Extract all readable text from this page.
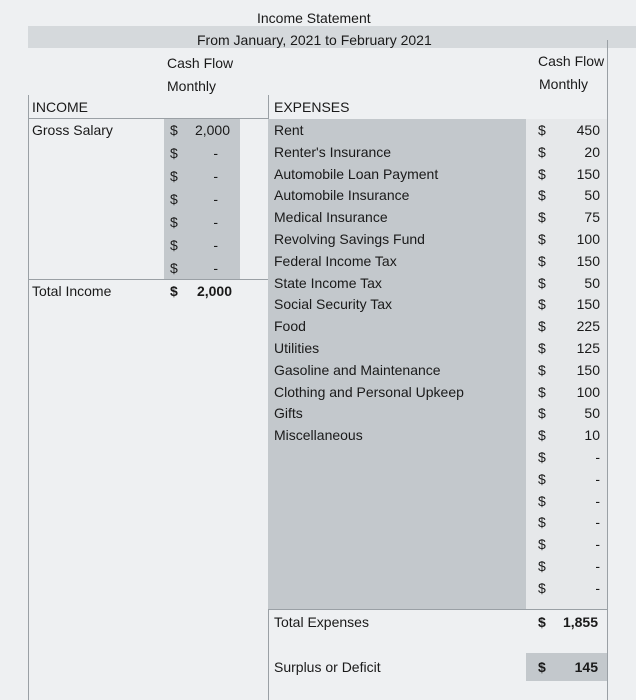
Income Statement
From January, 2021 to February 2021
Cash Flow
Monthly
Cash Flow
Monthly
INCOME	EXPENSES
Gross Salary	$	2,000
$	-
$	-
$	-
$	-
$	-
$	-
Total Income	$	2,000
Total Expenses	$	1,855
Surplus or Deficit	$	145
Rent	$	450
Renter's Insurance	$	20
Automobile Loan Payment	$	150
Automobile Insurance	$	50
Medical Insurance	$	75
Revolving Savings Fund	$	100
Federal Income Tax	$	150
State Income Tax	$	50
Social Security Tax	$	150
Food	$	225
Utilities	$	125
Gasoline and Maintenance	$	150
Clothing and Personal Upkeep	$	100
Gifts	$	50
Miscellaneous	$	10
$	-
$	-
$	-
$	-
$	-
$	-
$	-
